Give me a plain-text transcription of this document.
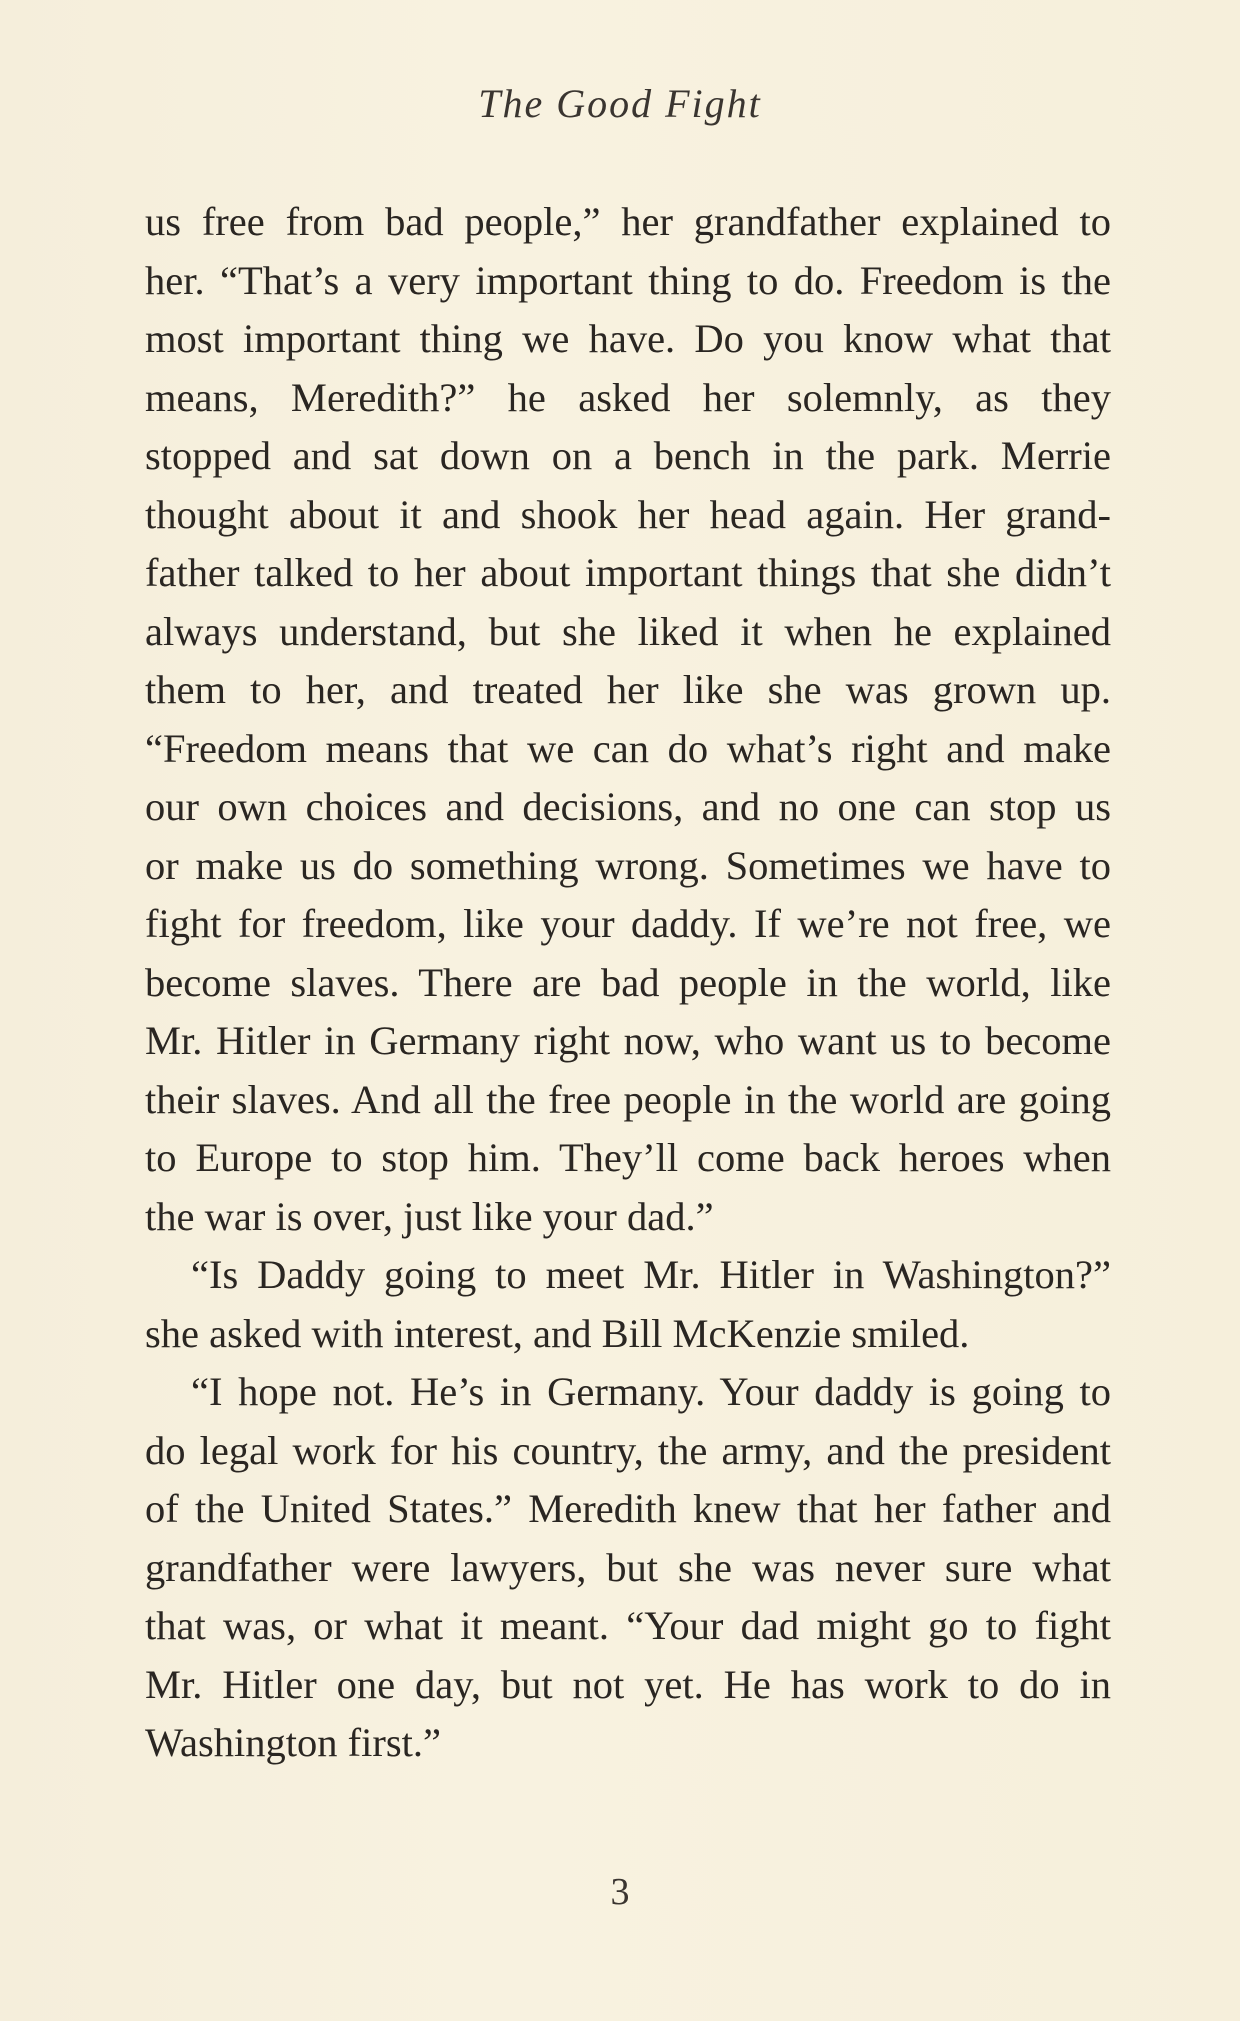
The Good Fight
us free from bad people,” her grandfather explained to
her. “That’s a very important thing to do. Freedom is the
most important thing we have. Do you know what that
means, Meredith?” he asked her solemnly, as they
stopped and sat down on a bench in the park. Merrie
thought about it and shook her head again. Her grand-
father talked to her about important things that she didn’t
always understand, but she liked it when he explained
them to her, and treated her like she was grown up.
“Freedom means that we can do what’s right and make
our own choices and decisions, and no one can stop us
or make us do something wrong. Sometimes we have to
fight for freedom, like your daddy. If we’re not free, we
become slaves. There are bad people in the world, like
Mr. Hitler in Germany right now, who want us to become
their slaves. And all the free people in the world are going
to Europe to stop him. They’ll come back heroes when
the war is over, just like your dad.”
“Is Daddy going to meet Mr. Hitler in Washington?”
she asked with interest, and Bill McKenzie smiled.
“I hope not. He’s in Germany. Your daddy is going to
do legal work for his country, the army, and the president
of the United States.” Meredith knew that her father and
grandfather were lawyers, but she was never sure what
that was, or what it meant. “Your dad might go to fight
Mr. Hitler one day, but not yet. He has work to do in
Washington first.”
3
